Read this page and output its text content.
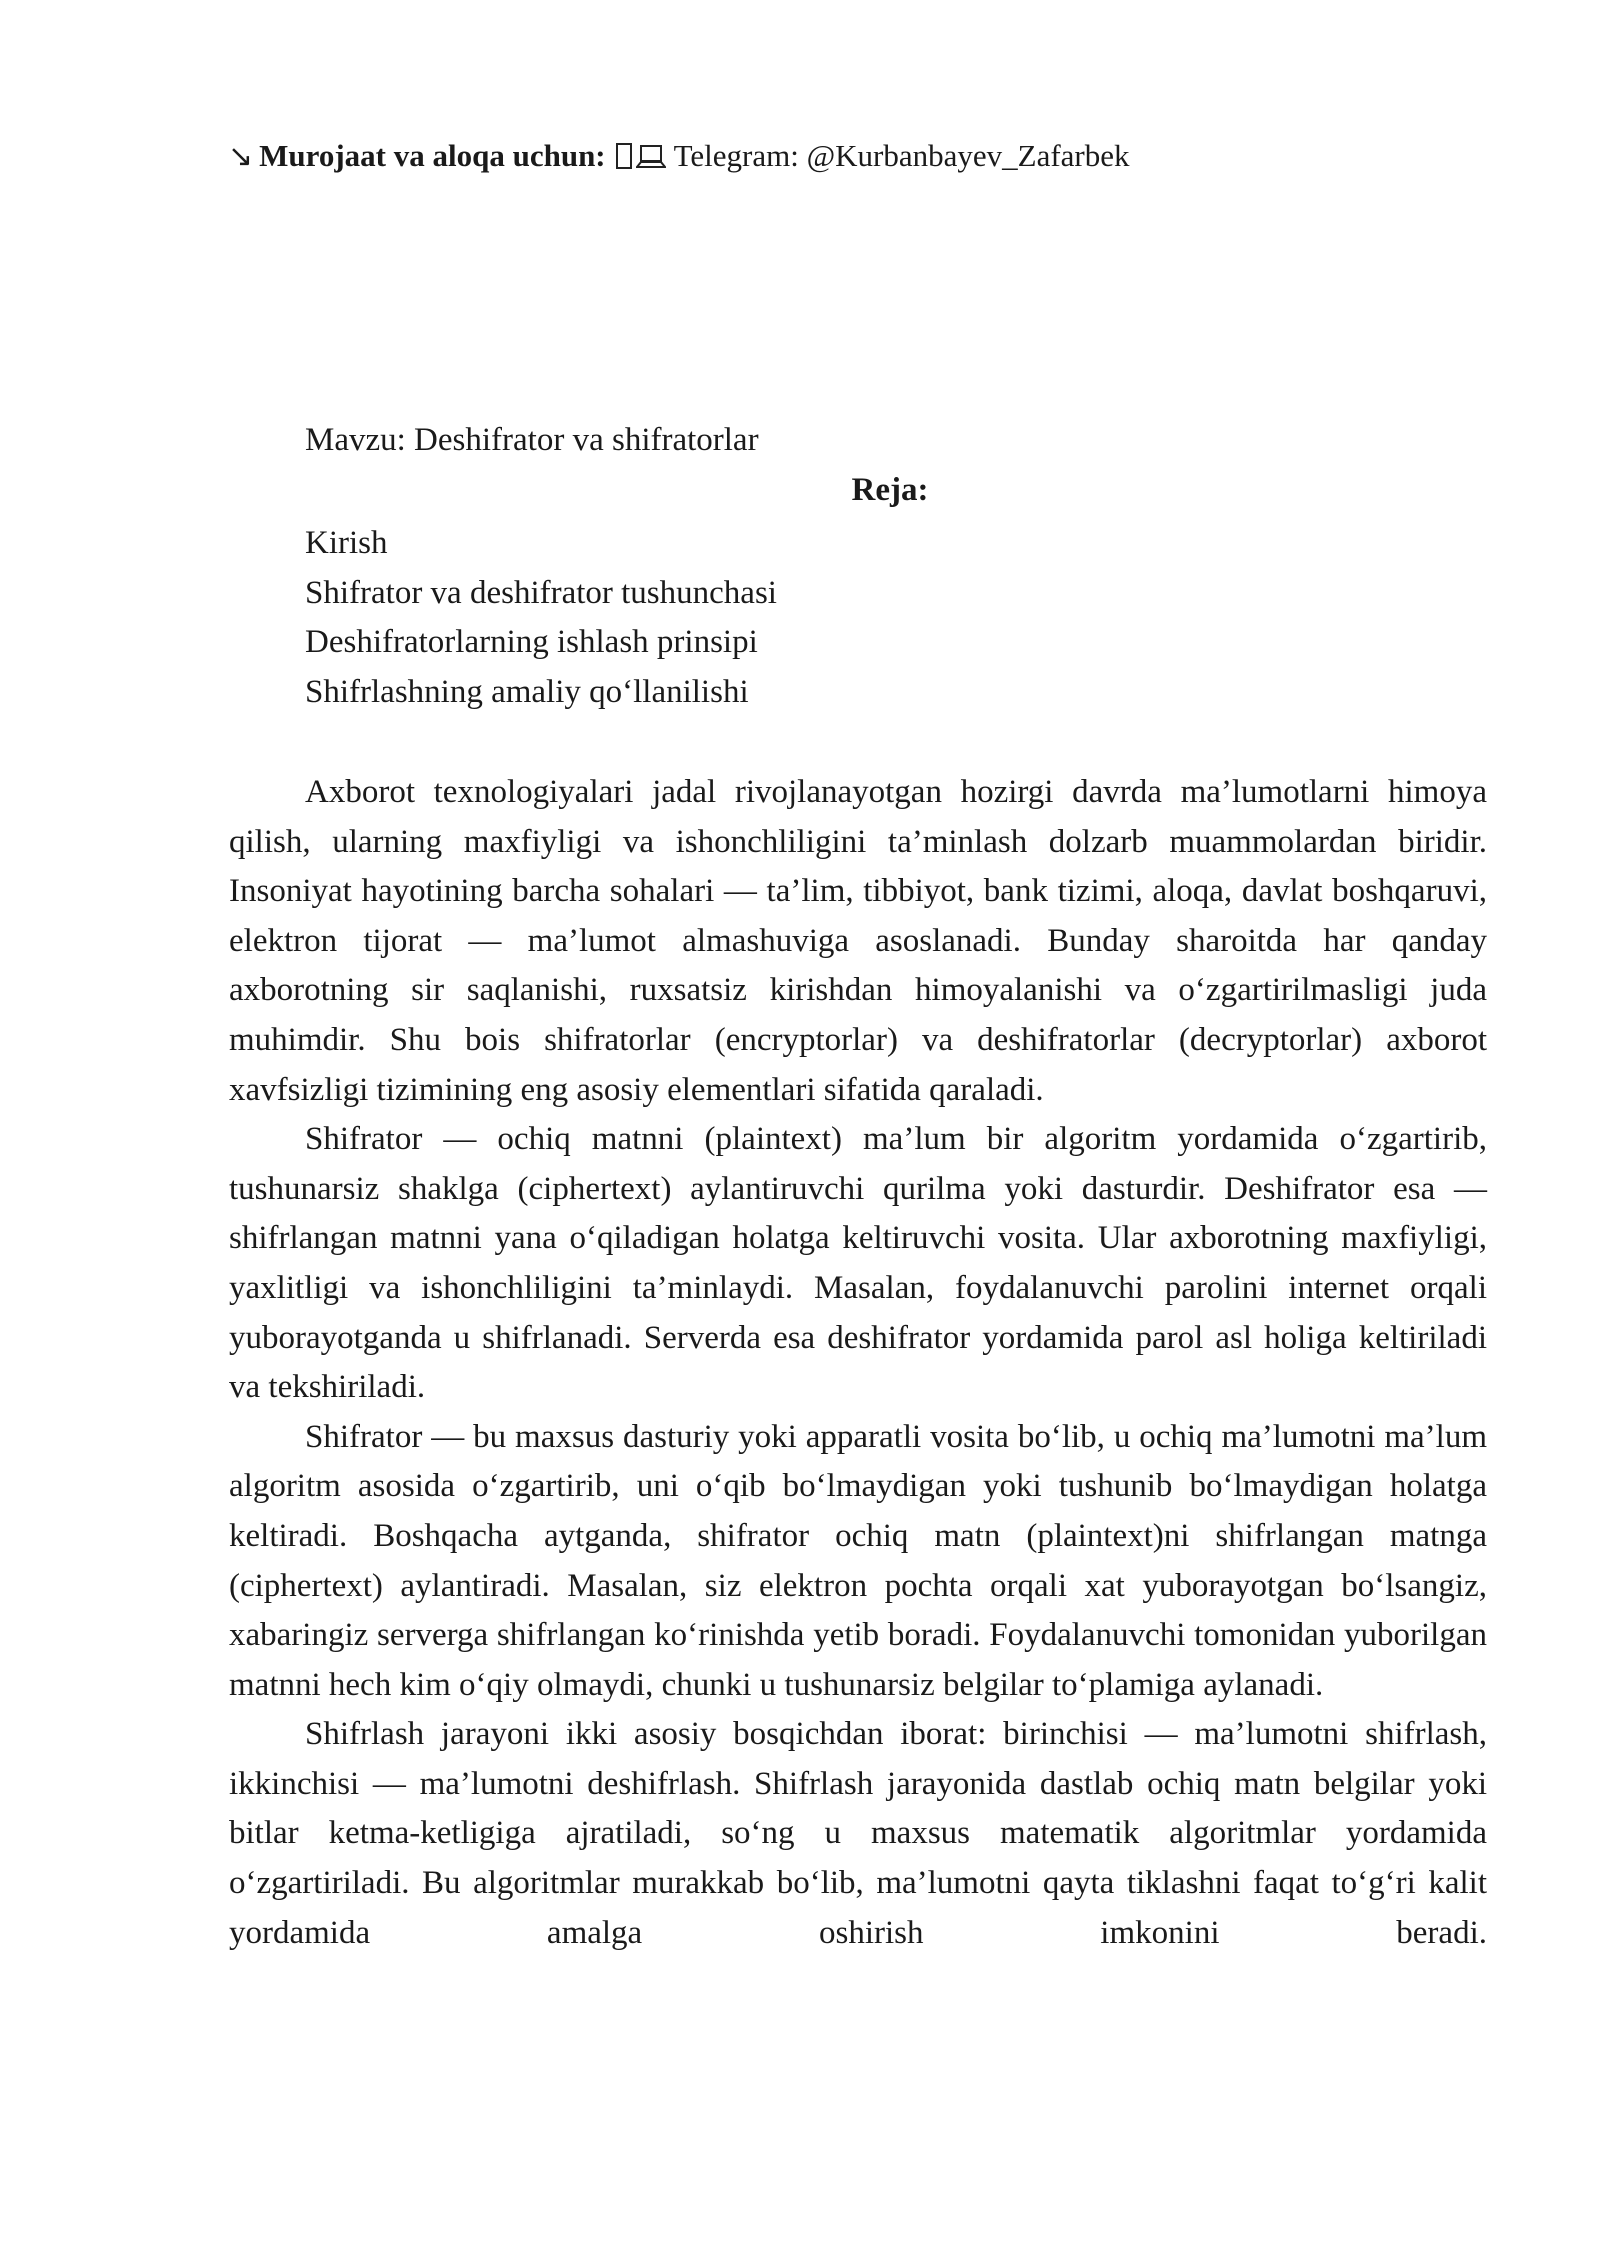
↘ Murojaat va aloqa uchun: Telegram: @Kurbanbayev_Zafarbek
Mavzu: Deshifrator va shifratorlar
Reja:
Kirish
Shifrator va deshifrator tushunchasi
Deshifratorlarning ishlash prinsipi
Shifrlashning amaliy qo‘llanilishi

Axborot texnologiyalari jadal rivojlanayotgan hozirgi davrda ma’lumotlarni himoya qilish, ularning maxfiyligi va ishonchliligini ta’minlash dolzarb muammolardan biridir. Insoniyat hayotining barcha sohalari — ta’lim, tibbiyot, bank tizimi, aloqa, davlat boshqaruvi, elektron tijorat — ma’lumot almashuviga asoslanadi. Bunday sharoitda har qanday axborotning sir saqlanishi, ruxsatsiz kirishdan himoyalanishi va o‘zgartirilmasligi juda muhimdir. Shu bois shifratorlar (encryptorlar) va deshifratorlar (decryptorlar) axborot xavfsizligi tizimining eng asosiy elementlari sifatida qaraladi.

Shifrator — ochiq matnni (plaintext) ma’lum bir algoritm yordamida o‘zgartirib, tushunarsiz shaklga (ciphertext) aylantiruvchi qurilma yoki dasturdir. Deshifrator esa — shifrlangan matnni yana o‘qiladigan holatga keltiruvchi vosita. Ular axborotning maxfiyligi, yaxlitligi va ishonchliligini ta’minlaydi. Masalan, foydalanuvchi parolini internet orqali yuborayotganda u shifrlanadi. Serverda esa deshifrator yordamida parol asl holiga keltiriladi va tekshiriladi.

Shifrator — bu maxsus dasturiy yoki apparatli vosita bo‘lib, u ochiq ma’lumotni ma’lum algoritm asosida o‘zgartirib, uni o‘qib bo‘lmaydigan yoki tushunib bo‘lmaydigan holatga keltiradi. Boshqacha aytganda, shifrator ochiq matn (plaintext)ni shifrlangan matnga (ciphertext) aylantiradi. Masalan, siz elektron pochta orqali xat yuborayotgan bo‘lsangiz, xabaringiz serverga shifrlangan ko‘rinishda yetib boradi. Foydalanuvchi tomonidan yuborilgan matnni hech kim o‘qiy olmaydi, chunki u tushunarsiz belgilar to‘plamiga aylanadi.

Shifrlash jarayoni ikki asosiy bosqichdan iborat: birinchisi — ma’lumotni shifrlash, ikkinchisi — ma’lumotni deshifrlash. Shifrlash jarayonida dastlab ochiq matn belgilar yoki bitlar ketma-ketligiga ajratiladi, so‘ng u maxsus matematik algoritmlar yordamida o‘zgartiriladi. Bu algoritmlar murakkab bo‘lib, ma’lumotni qayta tiklashni faqat to‘g‘ri kalit yordamida amalga oshirish imkonini beradi.
